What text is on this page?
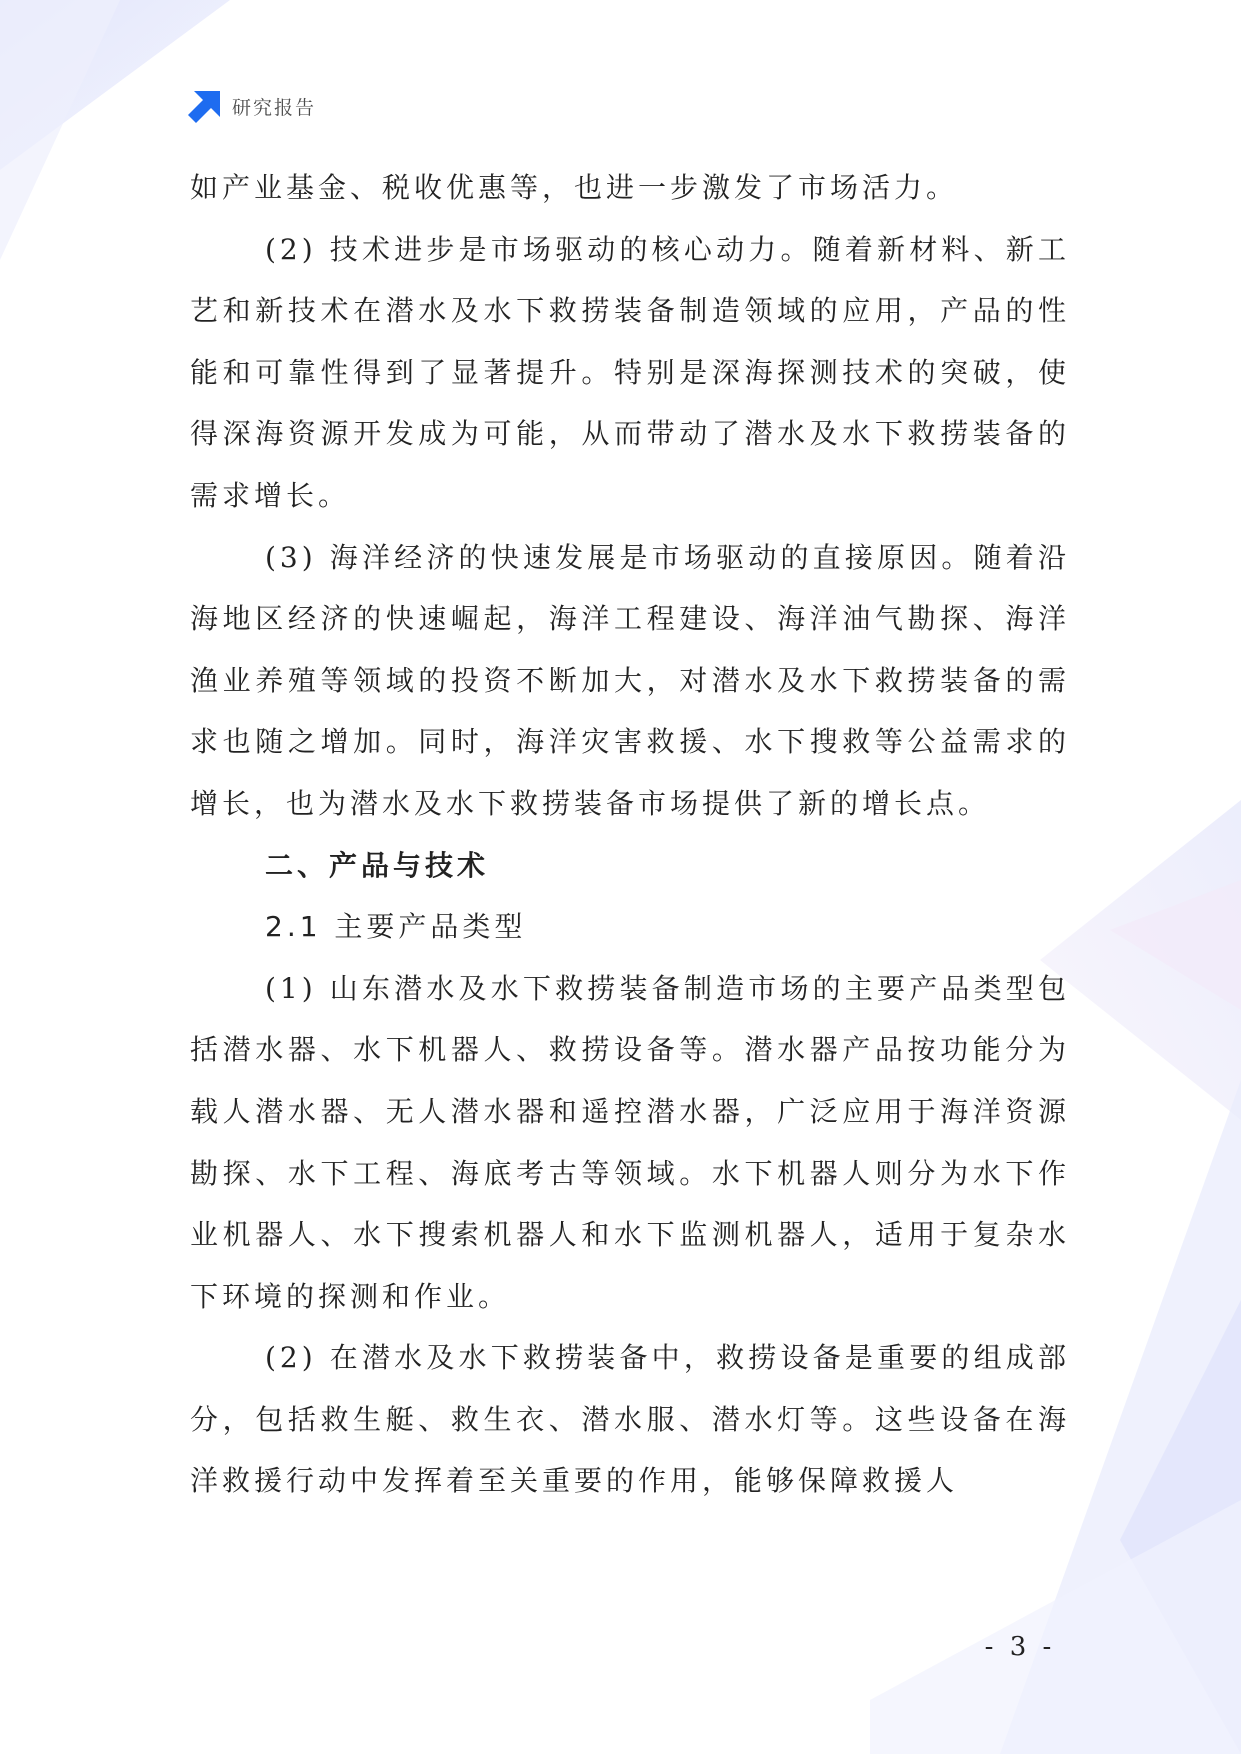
研究报告

如产业基金、税收优惠等，也进一步激发了市场活力。

(2) 技术进步是市场驱动的核心动力。随着新材料、新工艺和新技术在潜水及水下救捞装备制造领域的应用，产品的性能和可靠性得到了显著提升。特别是深海探测技术的突破，使得深海资源开发成为可能，从而带动了潜水及水下救捞装备的需求增长。

(3) 海洋经济的快速发展是市场驱动的直接原因。随着沿海地区经济的快速崛起，海洋工程建设、海洋油气勘探、海洋渔业养殖等领域的投资不断加大，对潜水及水下救捞装备的需求也随之增加。同时，海洋灾害救援、水下搜救等公益需求的增长，也为潜水及水下救捞装备市场提供了新的增长点。

二、产品与技术

2.1 主要产品类型

(1) 山东潜水及水下救捞装备制造市场的主要产品类型包括潜水器、水下机器人、救捞设备等。潜水器产品按功能分为载人潜水器、无人潜水器和遥控潜水器，广泛应用于海洋资源勘探、水下工程、海底考古等领域。水下机器人则分为水下作业机器人、水下搜索机器人和水下监测机器人，适用于复杂水下环境的探测和作业。

(2) 在潜水及水下救捞装备中，救捞设备是重要的组成部分，包括救生艇、救生衣、潜水服、潜水灯等。这些设备在海洋救援行动中发挥着至关重要的作用，能够保障救援人

- 3 -
